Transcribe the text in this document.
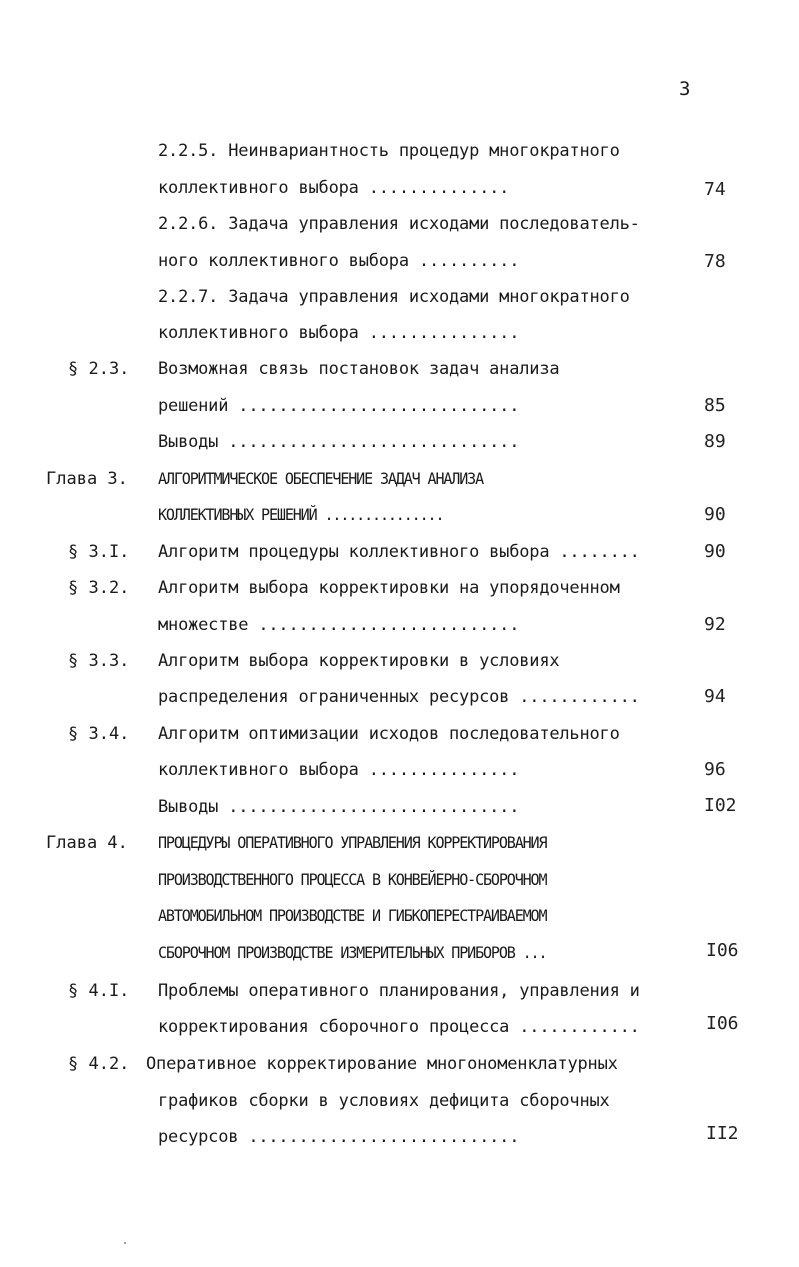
3
2.2.5. Неинвариантность процедур многократного
коллективного выбора ..............	74
2.2.6. Задача управления исходами последователь-
ного коллективного выбора ..........	78
2.2.7. Задача управления исходами многократного
коллективного выбора ...............
§ 2.3. Возможная связь постановок задач анализа
решений ............................	85
Выводы .............................	89
Глава 3. АЛГОРИТМИЧЕСКОЕ ОБЕСПЕЧЕНИЕ ЗАДАЧ АНАЛИЗА
КОЛЛЕКТИВНЫХ РЕШЕНИЙ ...............	90
§ 3.I. Алгоритм процедуры коллективного выбора ........	90
§ 3.2. Алгоритм выбора корректировки на упорядоченном
множестве ..........................	92
§ 3.3. Алгоритм выбора корректировки в условиях
распределения ограниченных ресурсов ............	94
§ 3.4. Алгоритм оптимизации исходов последовательного
коллективного выбора ...............	96
Выводы .............................	I02
Глава 4. ПРОЦЕДУРЫ ОПЕРАТИВНОГО УПРАВЛЕНИЯ КОРРЕКТИРОВАНИЯ
ПРОИЗВОДСТВЕННОГО ПРОЦЕССА В КОНВЕЙЕРНО-СБОРОЧНОМ
АВТОМОБИЛЬНОМ ПРОИЗВОДСТВЕ И ГИБКОПЕРЕСТРАИВАЕМОМ
СБОРОЧНОМ ПРОИЗВОДСТВЕ ИЗМЕРИТЕЛЬНЫХ ПРИБОРОВ ...	I06
§ 4.I. Проблемы оперативного планирования, управления и
корректирования сборочного процесса ............	I06
§ 4.2. Оперативное корректирование многономенклатурных
графиков сборки в условиях дефицита сборочных
ресурсов ...........................	II2
